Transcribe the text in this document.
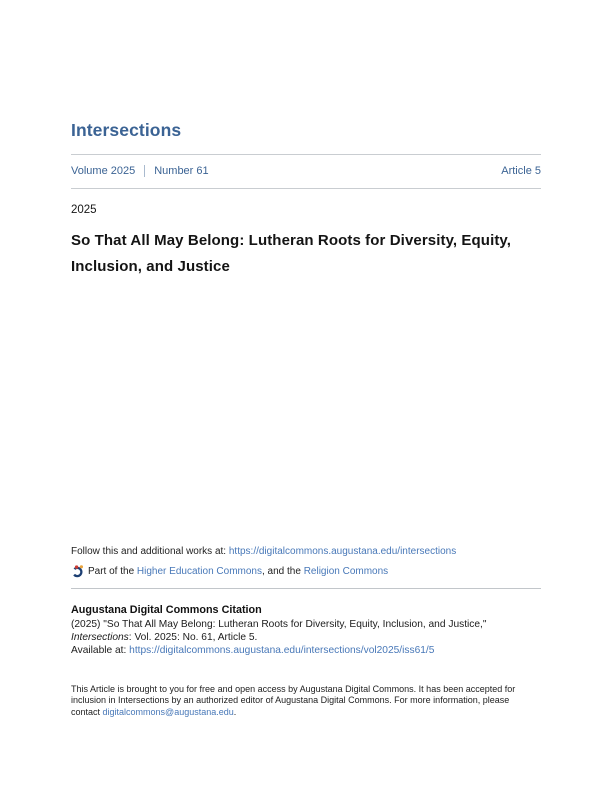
Intersections
Volume 2025 Number 61	Article 5
2025
So That All May Belong: Lutheran Roots for Diversity, Equity, Inclusion, and Justice
Follow this and additional works at: https://digitalcommons.augustana.edu/intersections
Part of the Higher Education Commons, and the Religion Commons
Augustana Digital Commons Citation
(2025) "So That All May Belong: Lutheran Roots for Diversity, Equity, Inclusion, and Justice," Intersections: Vol. 2025: No. 61, Article 5.
Available at: https://digitalcommons.augustana.edu/intersections/vol2025/iss61/5
This Article is brought to you for free and open access by Augustana Digital Commons. It has been accepted for inclusion in Intersections by an authorized editor of Augustana Digital Commons. For more information, please contact digitalcommons@augustana.edu.
